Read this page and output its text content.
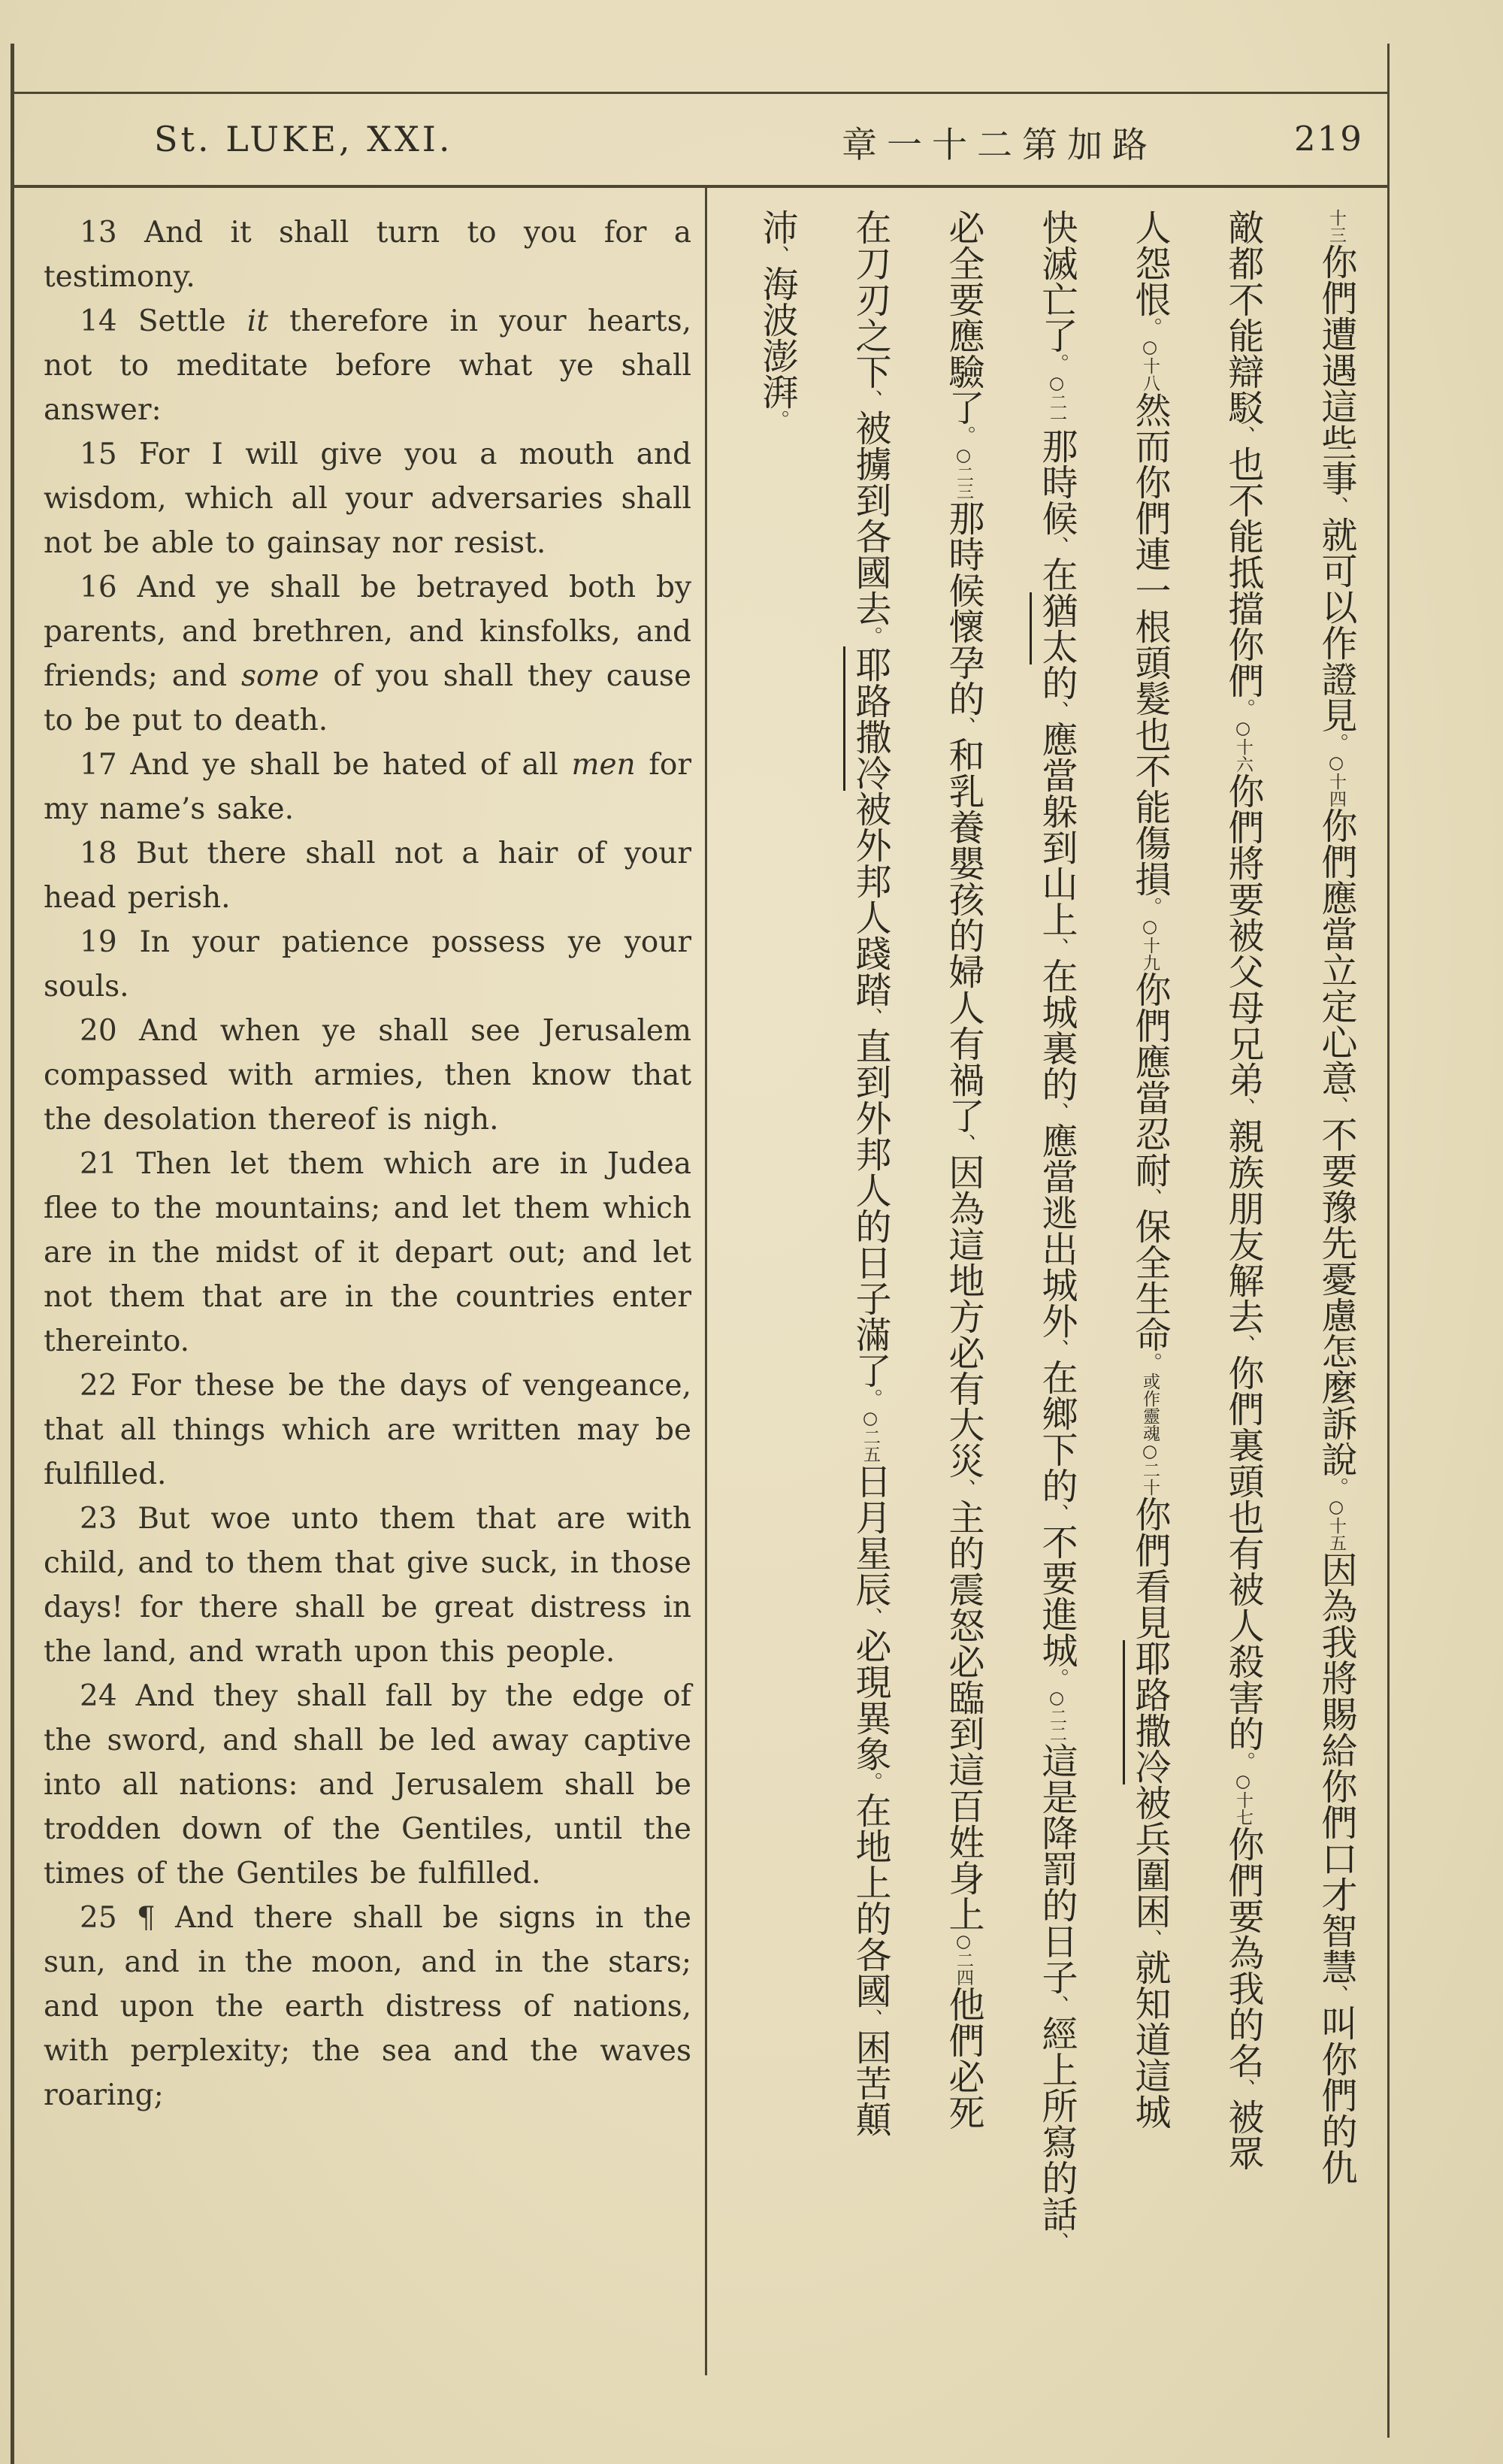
St. LUKE, XXI.	章一十二第加路	219

13 And it shall turn to you for a testimony.

14 Settle it therefore in your hearts, not to meditate before what ye shall answer:

15 For I will give you a mouth and wisdom, which all your adversaries shall not be able to gainsay nor resist.

16 And ye shall be betrayed both by parents, and brethren, and kinsfolks, and friends; and some of you shall they cause to be put to death.

17 And ye shall be hated of all men for my name’s sake.

18 But there shall not a hair of your head perish.

19 In your patience possess ye your souls.

20 And when ye shall see Jerusalem compassed with armies, then know that the desolation thereof is nigh.

21 Then let them which are in Judea flee to the mountains; and let them which are in the midst of it depart out; and let not them that are in the countries enter thereinto.

22 For these be the days of vengeance, that all things which are written may be fulfilled.

23 But woe unto them that are with child, and to them that give suck, in those days! for there shall be great distress in the land, and wrath upon this people.

24 And they shall fall by the edge of the sword, and shall be led away captive into all nations: and Jerusalem shall be trodden down of the Gentiles, until the times of the Gentiles be fulfilled.

25 ¶ And there shall be signs in the sun, and in the moon, and in the stars; and upon the earth distress of nations, with perplexity; the sea and the waves roaring;

十三你們遭遇這些事、就可以作證見。○十四你們應當立定心意、不要豫先憂慮怎麼訴說。○十五因為我將賜給你們口才智慧、叫你們的仇
敵都不能辯駁、也不能抵擋你們。○十六你們將要被父母兄弟、親族朋友解去、你們裏頭也有被人殺害的。○十七你們要為我的名、被眾
人怨恨。○十八然而你們連一根頭髮也不能傷損。○十九你們應當忍耐、保全生命。或作靈魂○二十你們看見耶路撒冷被兵圍困、就知道這城
快滅亡了。○二一那時候、在猶太的、應當躲到山上、在城裏的、應當逃出城外、在鄉下的、不要進城。○二二這是降罰的日子、經上所寫的話、
必全要應驗了。○二三那時候懷孕的、和乳養嬰孩的婦人有禍了、因為這地方必有大災、主的震怒必臨到這百姓身上○二四他們必死
在刀刃之下、被擄到各國去。耶路撒冷被外邦人踐踏、直到外邦人的日子滿了。○二五日月星辰、必現異象。在地上的各國、困苦顛
沛、海波澎湃。
